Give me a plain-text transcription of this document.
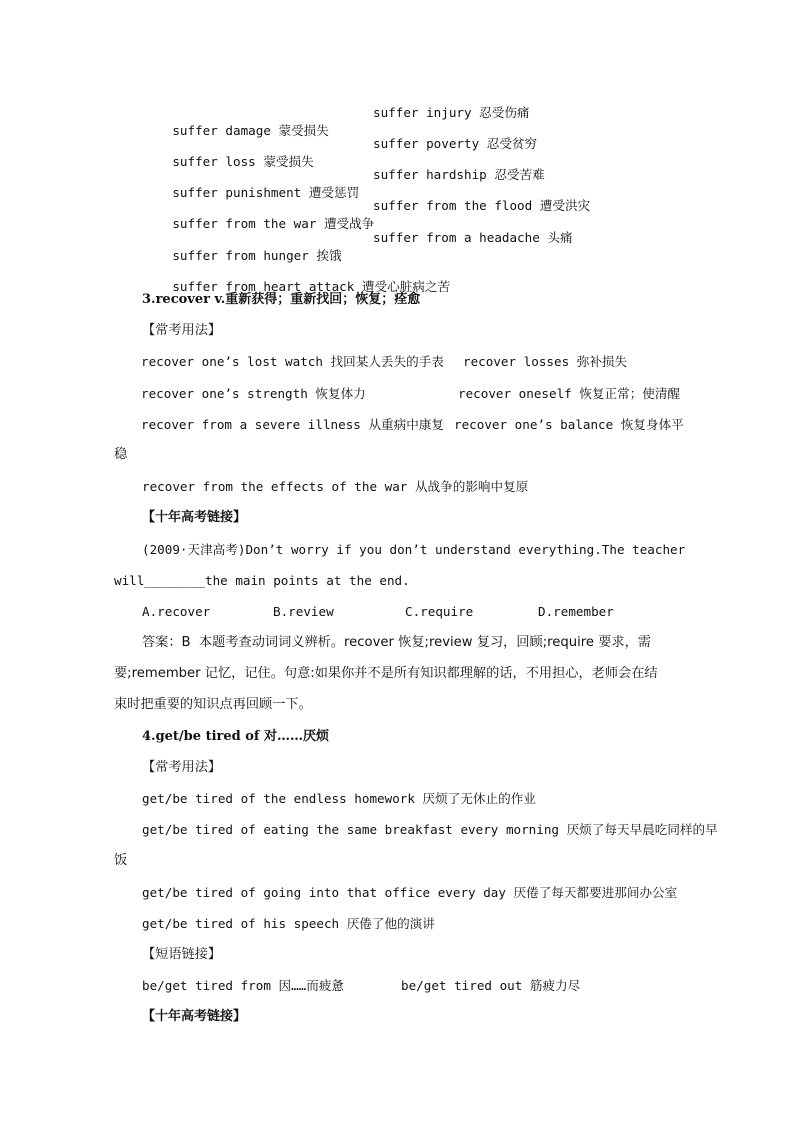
suffer damage 蒙受损失

suffer injury 忍受伤痛

suffer loss 蒙受损失

suffer poverty 忍受贫穷

suffer punishment 遭受惩罚

suffer hardship 忍受苦难

suffer from the war 遭受战争

suffer from the flood 遭受洪灾

suffer from hunger 挨饿

suffer from a headache 头痛

suffer from heart attack 遭受心脏病之苦

3.recover v.重新获得；重新找回；恢复；痊愈
【常考用法】
recover one’s lost watch 找回某人丢失的手表 recover losses 弥补损失
recover one’s strength 恢复体力	recover oneself 恢复正常；使清醒
recover from a severe illness 从重病中康复 recover one’s balance 恢复身体平
稳
recover from the effects of the war 从战争的影响中复原
【十年高考链接】
(2009·天津高考)Don’t worry if you don’t understand everything.The teacher
will________the main points at the end.
A.recover	B.review	C.require	D.remember
答案：B  本题考查动词词义辨析。recover 恢复;review 复习，回顾;require 要求，需
要;remember 记忆，记住。句意:如果你并不是所有知识都理解的话，不用担心，老师会在结
束时把重要的知识点再回顾一下。
4.get/be tired of 对……厌烦
【常考用法】
get/be tired of the endless homework 厌烦了无休止的作业
get/be tired of eating the same breakfast every morning 厌烦了每天早晨吃同样的早
饭
get/be tired of going into that office every day 厌倦了每天都要进那间办公室
get/be tired of his speech 厌倦了他的演讲
【短语链接】
be/get tired from 因……而疲惫	be/get tired out 筋疲力尽
【十年高考链接】
